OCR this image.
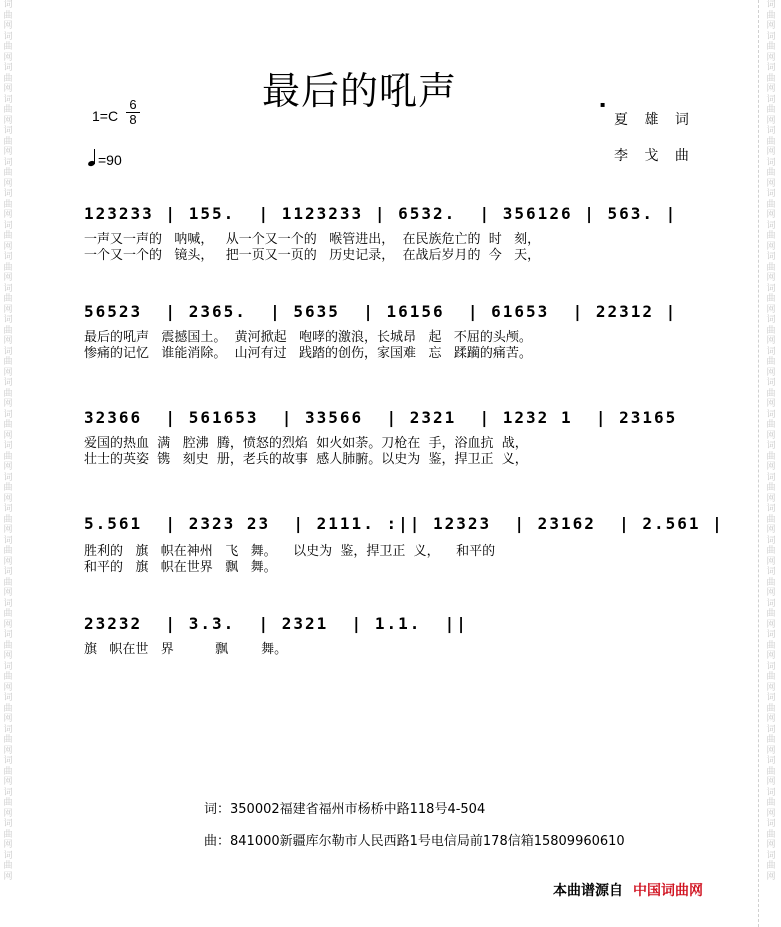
词曲网词曲网词曲网词曲网词曲网词曲网词曲网词曲网词曲网词曲网词曲网词曲网词曲网词曲网词曲网词曲网词曲网词曲网词曲网词曲网词曲网词曲网词曲网词曲网词曲网词曲网词曲网词曲网
词曲网词曲网词曲网词曲网词曲网词曲网词曲网词曲网词曲网词曲网词曲网词曲网词曲网词曲网词曲网词曲网词曲网词曲网词曲网词曲网词曲网词曲网词曲网词曲网词曲网词曲网词曲网词曲网
最后的吼声
1=C
6
8
=90
▪
夏 雄 词
李 戈 曲
123233 | 155.  | 1123233 | 6532.  | 356126 | 563. |
一声又一声的   呐喊，   从一个又一个的   喉管进出，  在民族危亡的  时   刻，
一个又一个的   镜头，   把一页又一页的   历史记录，  在战后岁月的  今   天，
56523  | 2365.  | 5635  | 16156  | 61653  | 22312 |
最后的吼声   震撼国土。  黄河掀起   咆哮的激浪，长城昂   起   不屈的头颅。
惨痛的记忆   谁能消除。  山河有过   践踏的创伤，家国难   忘   蹂躏的痛苦。
32366  | 561653  | 33566  | 2321  | 1232 1  | 23165
爱国的热血  满   腔沸  腾，愤怒的烈焰  如火如荼。刀枪在  手，浴血抗  战，
壮士的英姿  镌   刻史  册，老兵的故事  感人肺腑。以史为  鉴，捍卫正  义，
5.561  | 2323 23  | 2111. :|| 12323  | 23162  | 2.561 |
胜利的   旗   帜在神州   飞   舞。    以史为  鉴，捍卫正  义，    和平的
和平的   旗   帜在世界   飘   舞。
23232  | 3.3.  | 2321  | 1.1.  ||
旗   帜在世   界          飘        舞。
词：350002福建省福州市杨桥中路118号4-504
曲：841000新疆库尔勒市人民西路1号电信局前178信箱15809960610
本曲谱源自 中国词曲网
